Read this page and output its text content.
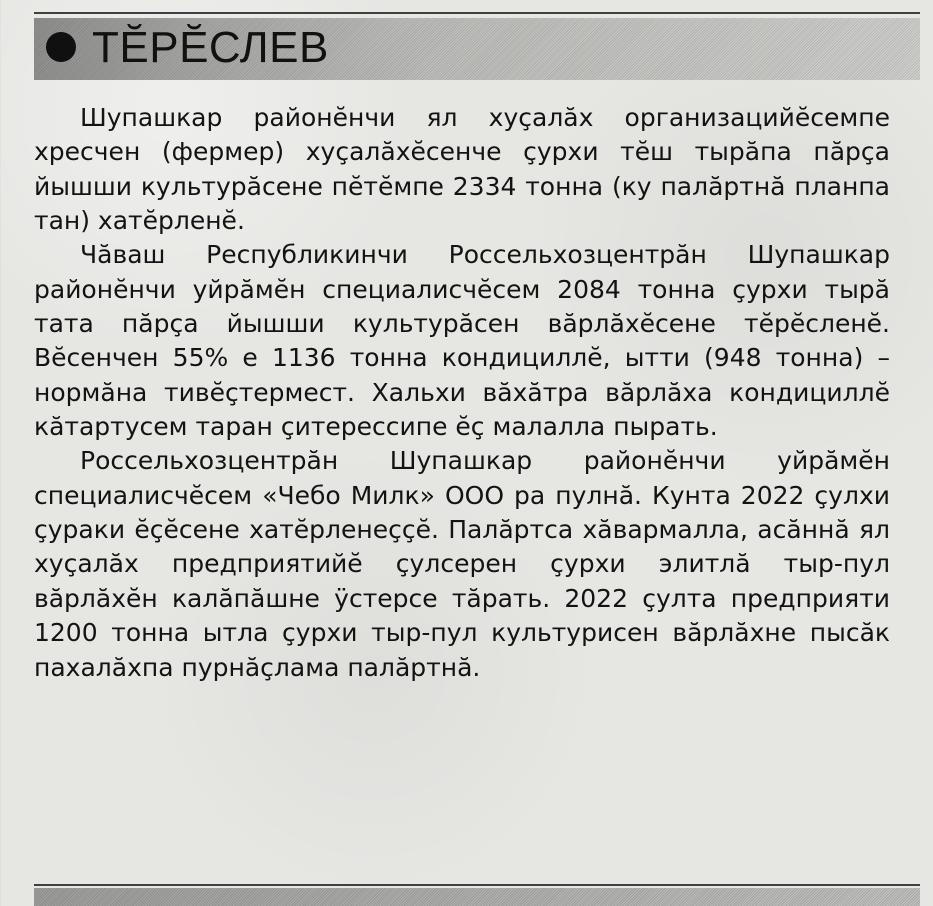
ТĔРĔСЛЕВ

Шупашкар районĕнчи ял хуçалăх организацийĕсемпе хресчен (фермер) хуçалăхĕсенче çурхи тĕш тырăпа пăрçа йышши культурăсене пĕтĕмпе 2334 тонна (ку палăртнă планпа тан) хатĕрленĕ.

Чăваш Республикинчи Россельхозцентрăн Шупашкар районĕнчи уйрăмĕн специалисчĕсем 2084 тонна çурхи тырă тата пăрçа йышши культурăсен вăрлăхĕсене тĕрĕсленĕ. Вĕсенчен 55% е 1136 тонна кондициллĕ, ытти (948 тонна) – нормăна тивĕçтермест. Хальхи вăхăтра вăрлăха кондициллĕ кăтартусем таран çитерессипе ĕç малалла пырать.

Россельхозцентрăн Шупашкар районĕнчи уйрăмĕн специалисчĕсем «Чебо Милк» ООО ра пулнă. Кунта 2022 çулхи çураки ĕçĕсене хатĕрленеççĕ. Палăртса хăвармалла, асăннă ял хуçалăх предприятийĕ çулсерен çурхи элитлă тыр-пул вăрлăхĕн калăпăшне ÿстерсе тăрать. 2022 çулта предприяти 1200 тонна ытла çурхи тыр-пул культурисен вăрлăхне пысăк пахалăхпа пурнăçлама палăртнă.
